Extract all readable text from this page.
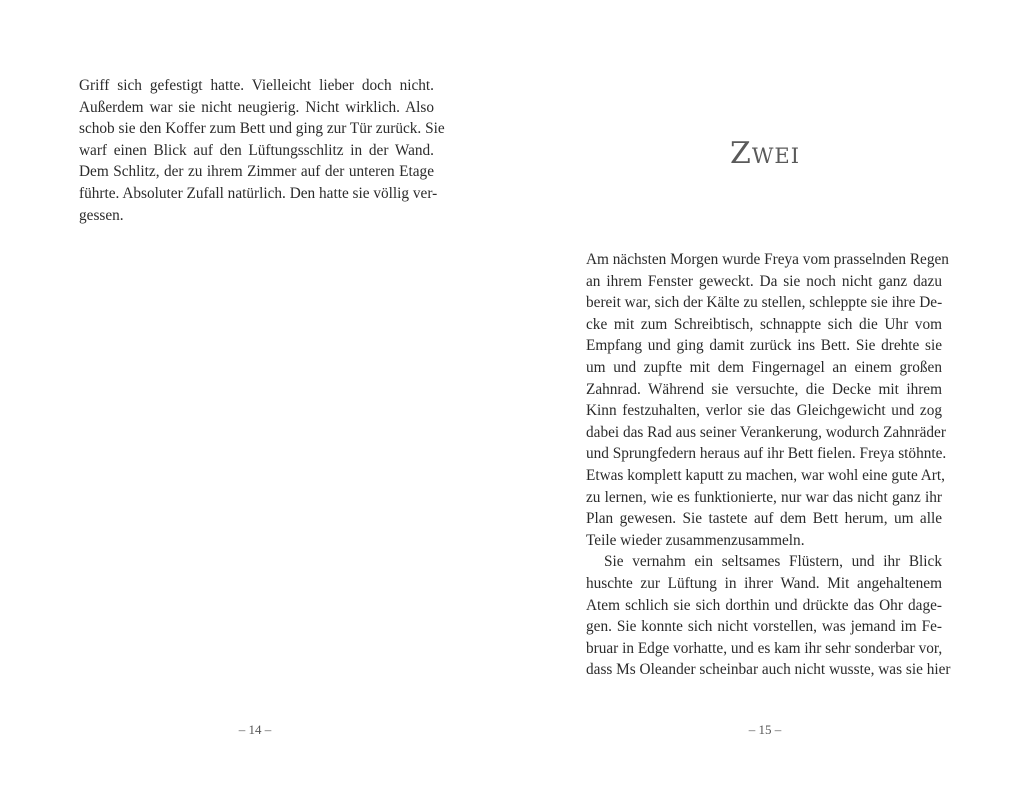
Griff sich gefestigt hatte. Vielleicht lieber doch nicht.
Außerdem war sie nicht neugierig. Nicht wirklich. Also
schob sie den Koffer zum Bett und ging zur Tür zurück. Sie
warf einen Blick auf den Lüftungsschlitz in der Wand.
Dem Schlitz, der zu ihrem Zimmer auf der unteren Etage
führte. Absoluter Zufall natürlich. Den hatte sie völlig ver-
gessen.
– 14 –
Zwei
Am nächsten Morgen wurde Freya vom prasselnden Regen
an ihrem Fenster geweckt. Da sie noch nicht ganz dazu
bereit war, sich der Kälte zu stellen, schleppte sie ihre De-
cke mit zum Schreibtisch, schnappte sich die Uhr vom
Empfang und ging damit zurück ins Bett. Sie drehte sie
um und zupfte mit dem Fingernagel an einem großen
Zahnrad. Während sie versuchte, die Decke mit ihrem
Kinn festzuhalten, verlor sie das Gleichgewicht und zog
dabei das Rad aus seiner Verankerung, wodurch Zahnräder
und Sprungfedern heraus auf ihr Bett fielen. Freya stöhnte.
Etwas komplett kaputt zu machen, war wohl eine gute Art,
zu lernen, wie es funktionierte, nur war das nicht ganz ihr
Plan gewesen. Sie tastete auf dem Bett herum, um alle
Teile wieder zusammenzusammeln.
Sie vernahm ein seltsames Flüstern, und ihr Blick
huschte zur Lüftung in ihrer Wand. Mit angehaltenem
Atem schlich sie sich dorthin und drückte das Ohr dage-
gen. Sie konnte sich nicht vorstellen, was jemand im Fe-
bruar in Edge vorhatte, und es kam ihr sehr sonderbar vor,
dass Ms Oleander scheinbar auch nicht wusste, was sie hier
– 15 –
